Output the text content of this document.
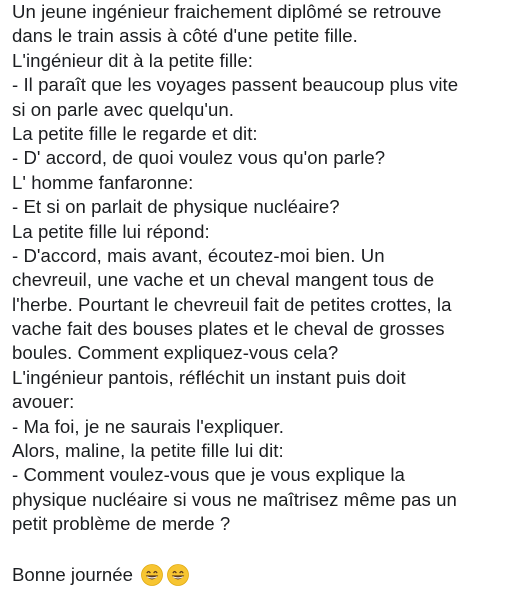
Un jeune ingénieur fraichement diplômé se retrouve
dans le train assis à côté d'une petite fille.
L'ingénieur dit à la petite fille:
- Il paraît que les voyages passent beaucoup plus vite
si on parle avec quelqu'un.
La petite fille le regarde et dit:
- D' accord, de quoi voulez vous qu'on parle?
L' homme fanfaronne:
- Et si on parlait de physique nucléaire?
La petite fille lui répond:
- D'accord, mais avant, écoutez-moi bien. Un
chevreuil, une vache et un cheval mangent tous de
l'herbe. Pourtant le chevreuil fait de petites crottes, la
vache fait des bouses plates et le cheval de grosses
boules. Comment expliquez-vous cela?
L'ingénieur pantois, réfléchit un instant puis doit
avouer:
- Ma foi, je ne saurais l'expliquer.
Alors, maline, la petite fille lui dit:
- Comment voulez-vous que je vous explique la
physique nucléaire si vous ne maîtrisez même pas un
petit problème de merde ?
Bonne journée
